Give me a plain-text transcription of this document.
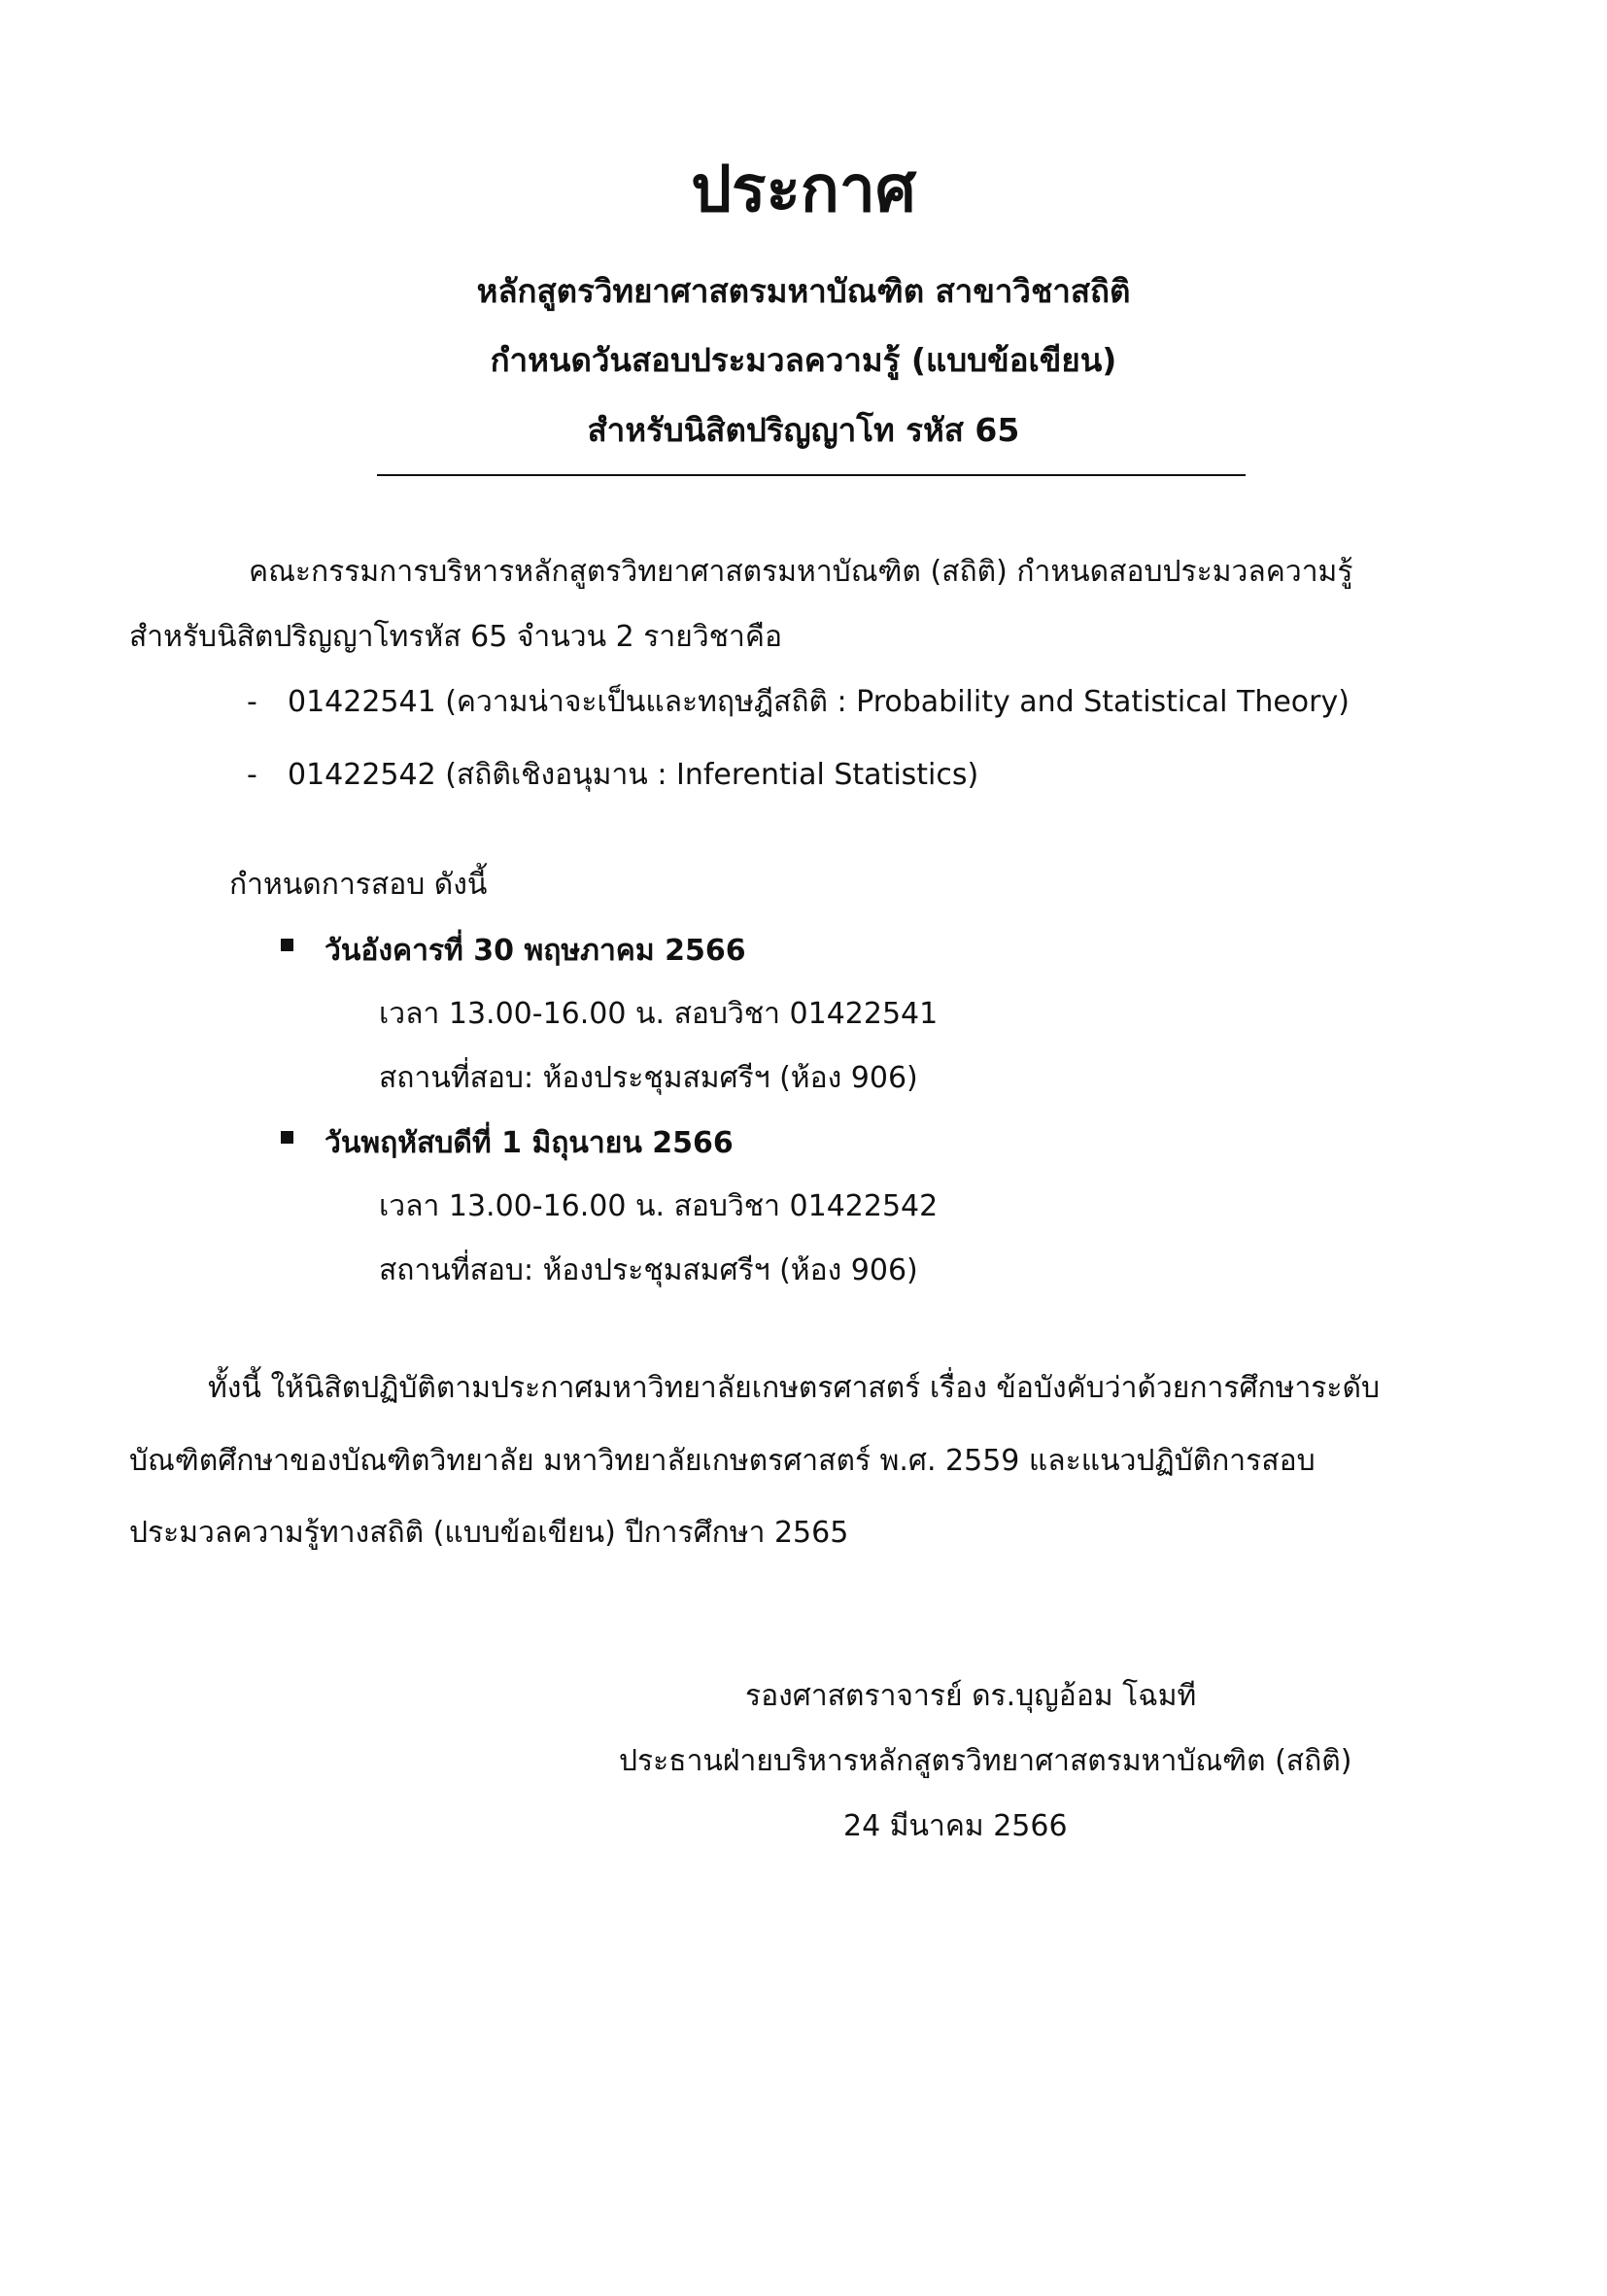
ประกาศ
หลักสูตรวิทยาศาสตรมหาบัณฑิต สาขาวิชาสถิติ
กำหนดวันสอบประมวลความรู้ (แบบข้อเขียน)
สำหรับนิสิตปริญญาโท รหัส 65
คณะกรรมการบริหารหลักสูตรวิทยาศาสตรมหาบัณฑิต (สถิติ) กำหนดสอบประมวลความรู้
สำหรับนิสิตปริญญาโทรหัส 65 จำนวน 2 รายวิชาคือ
- 01422541 (ความน่าจะเป็นและทฤษฎีสถิติ : Probability and Statistical Theory)
- 01422542 (สถิติเชิงอนุมาน : Inferential Statistics)
กำหนดการสอบ ดังนี้
วันอังคารที่ 30 พฤษภาคม 2566
เวลา 13.00-16.00 น. สอบวิชา 01422541
สถานที่สอบ: ห้องประชุมสมศรีฯ (ห้อง 906)
วันพฤหัสบดีที่ 1 มิถุนายน 2566
เวลา 13.00-16.00 น. สอบวิชา 01422542
สถานที่สอบ: ห้องประชุมสมศรีฯ (ห้อง 906)
ทั้งนี้ ให้นิสิตปฏิบัติตามประกาศมหาวิทยาลัยเกษตรศาสตร์ เรื่อง ข้อบังคับว่าด้วยการศึกษาระดับ
บัณฑิตศึกษาของบัณฑิตวิทยาลัย มหาวิทยาลัยเกษตรศาสตร์ พ.ศ. 2559 และแนวปฏิบัติการสอบ
ประมวลความรู้ทางสถิติ (แบบข้อเขียน) ปีการศึกษา 2565
รองศาสตราจารย์ ดร.บุญอ้อม โฉมที
ประธานฝ่ายบริหารหลักสูตรวิทยาศาสตรมหาบัณฑิต (สถิติ)
24 มีนาคม 2566
